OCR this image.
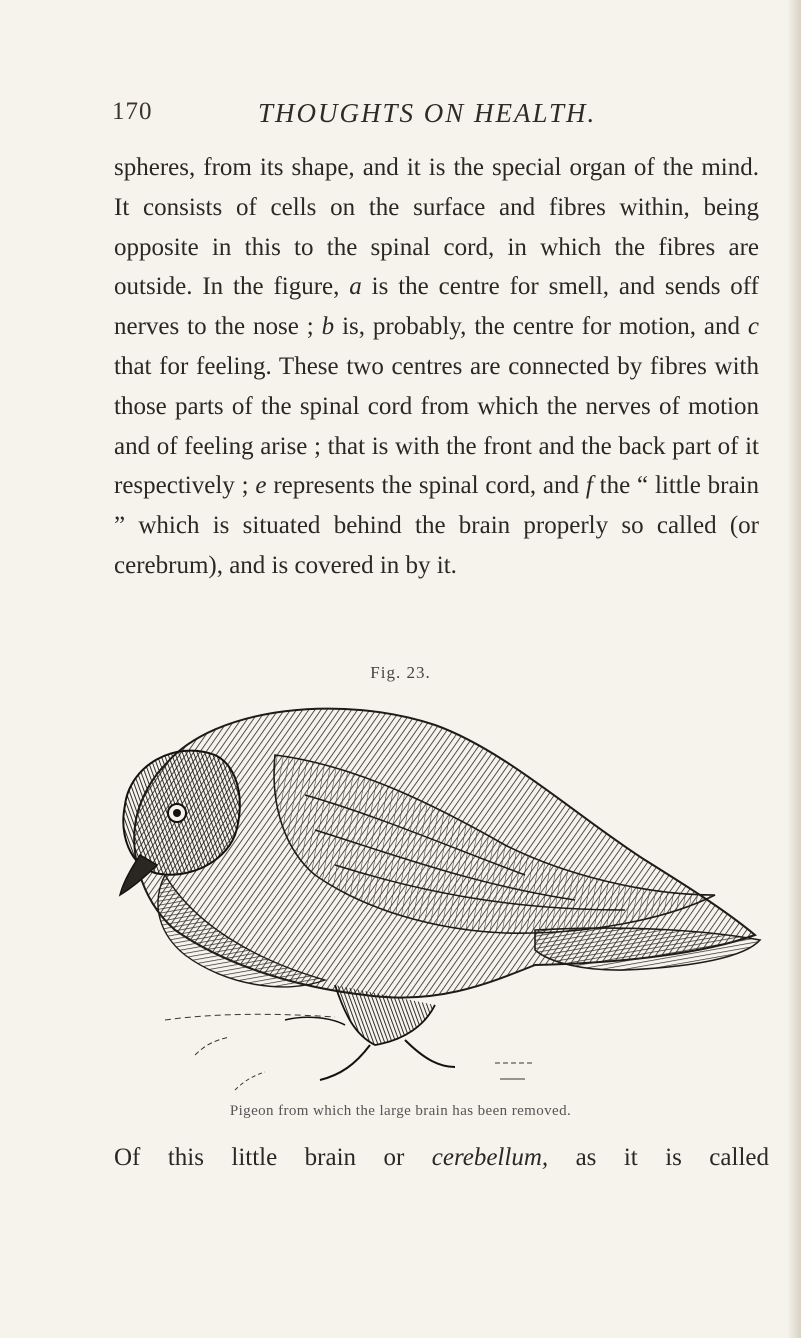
170	THOUGHTS ON HEALTH.

spheres, from its shape, and it is the special organ of the mind. It consists of cells on the surface and fibres within, being opposite in this to the spinal cord, in which the fibres are outside. In the figure, a is the centre for smell, and sends off nerves to the nose ; b is, probably, the centre for motion, and c that for feeling. These two centres are connected by fibres with those parts of the spinal cord from which the nerves of motion and of feeling arise ; that is with the front and the back part of it respectively ; e represents the spinal cord, and f the “ little brain ” which is situated behind the brain properly so called (or cerebrum), and is covered in by it.

Fig. 23.
Pigeon from which the large brain has been removed.
Of this little brain or cerebellum, as it is called
